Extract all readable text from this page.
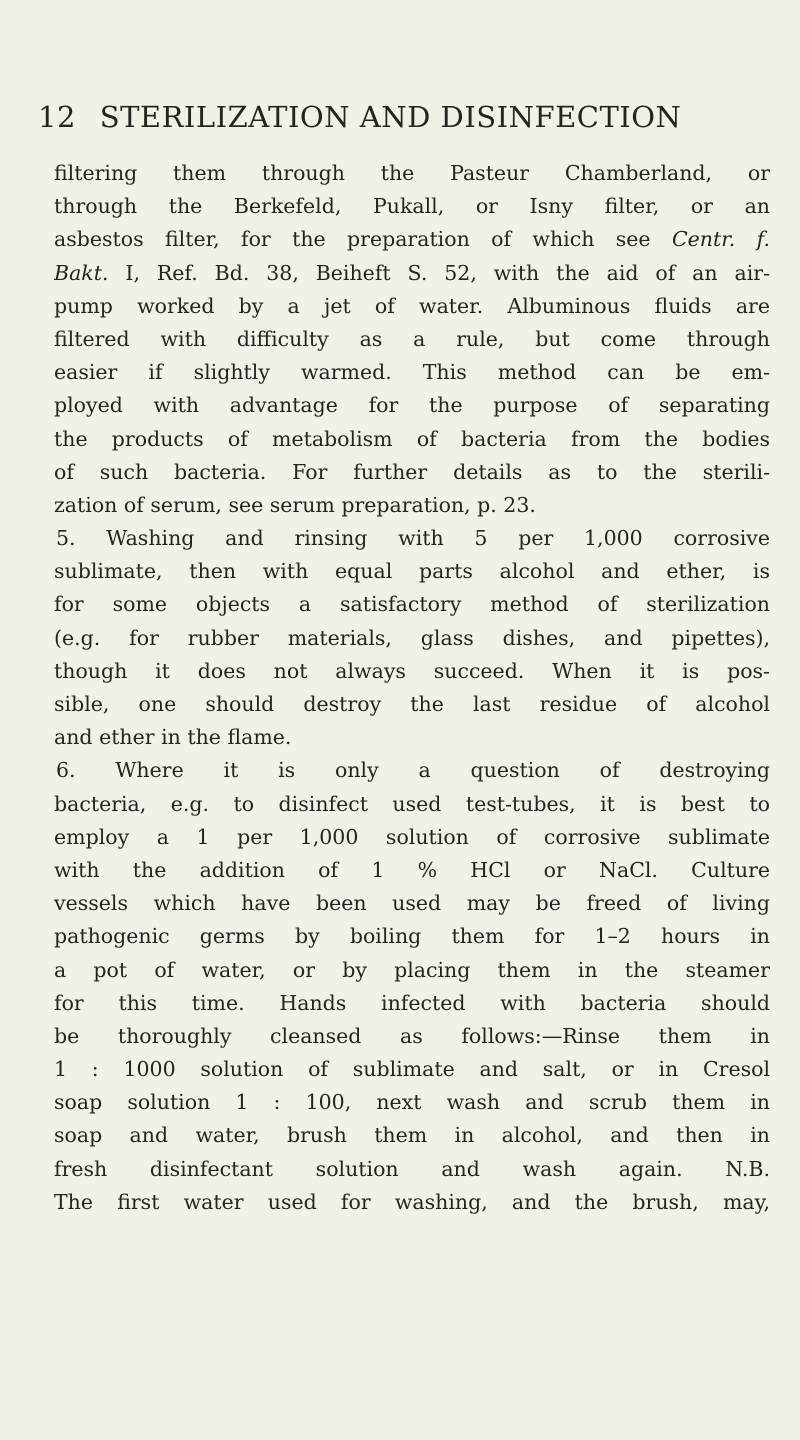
12 STERILIZATION AND DISINFECTION
filtering them through the Pasteur Chamberland, or
through the Berkefeld, Pukall, or Isny filter, or an
asbestos filter, for the preparation of which see Centr. f.
Bakt. I, Ref. Bd. 38, Beiheft S. 52, with the aid of an air-
pump worked by a jet of water. Albuminous fluids are
filtered with difficulty as a rule, but come through
easier if slightly warmed. This method can be em-
ployed with advantage for the purpose of separating
the products of metabolism of bacteria from the bodies
of such bacteria. For further details as to the sterili-
zation of serum, see serum preparation, p. 23.
5. Washing and rinsing with 5 per 1,000 corrosive
sublimate, then with equal parts alcohol and ether, is
for some objects a satisfactory method of sterilization
(e.g. for rubber materials, glass dishes, and pipettes),
though it does not always succeed. When it is pos-
sible, one should destroy the last residue of alcohol
and ether in the flame.
6. Where it is only a question of destroying
bacteria, e.g. to disinfect used test-tubes, it is best to
employ a 1 per 1,000 solution of corrosive sublimate
with the addition of 1 % HCl or NaCl. Culture
vessels which have been used may be freed of living
pathogenic germs by boiling them for 1–2 hours in
a pot of water, or by placing them in the steamer
for this time. Hands infected with bacteria should
be thoroughly cleansed as follows:—Rinse them in
1 : 1000 solution of sublimate and salt, or in Cresol
soap solution 1 : 100, next wash and scrub them in
soap and water, brush them in alcohol, and then in
fresh disinfectant solution and wash again. N.B.
The first water used for washing, and the brush, may,
